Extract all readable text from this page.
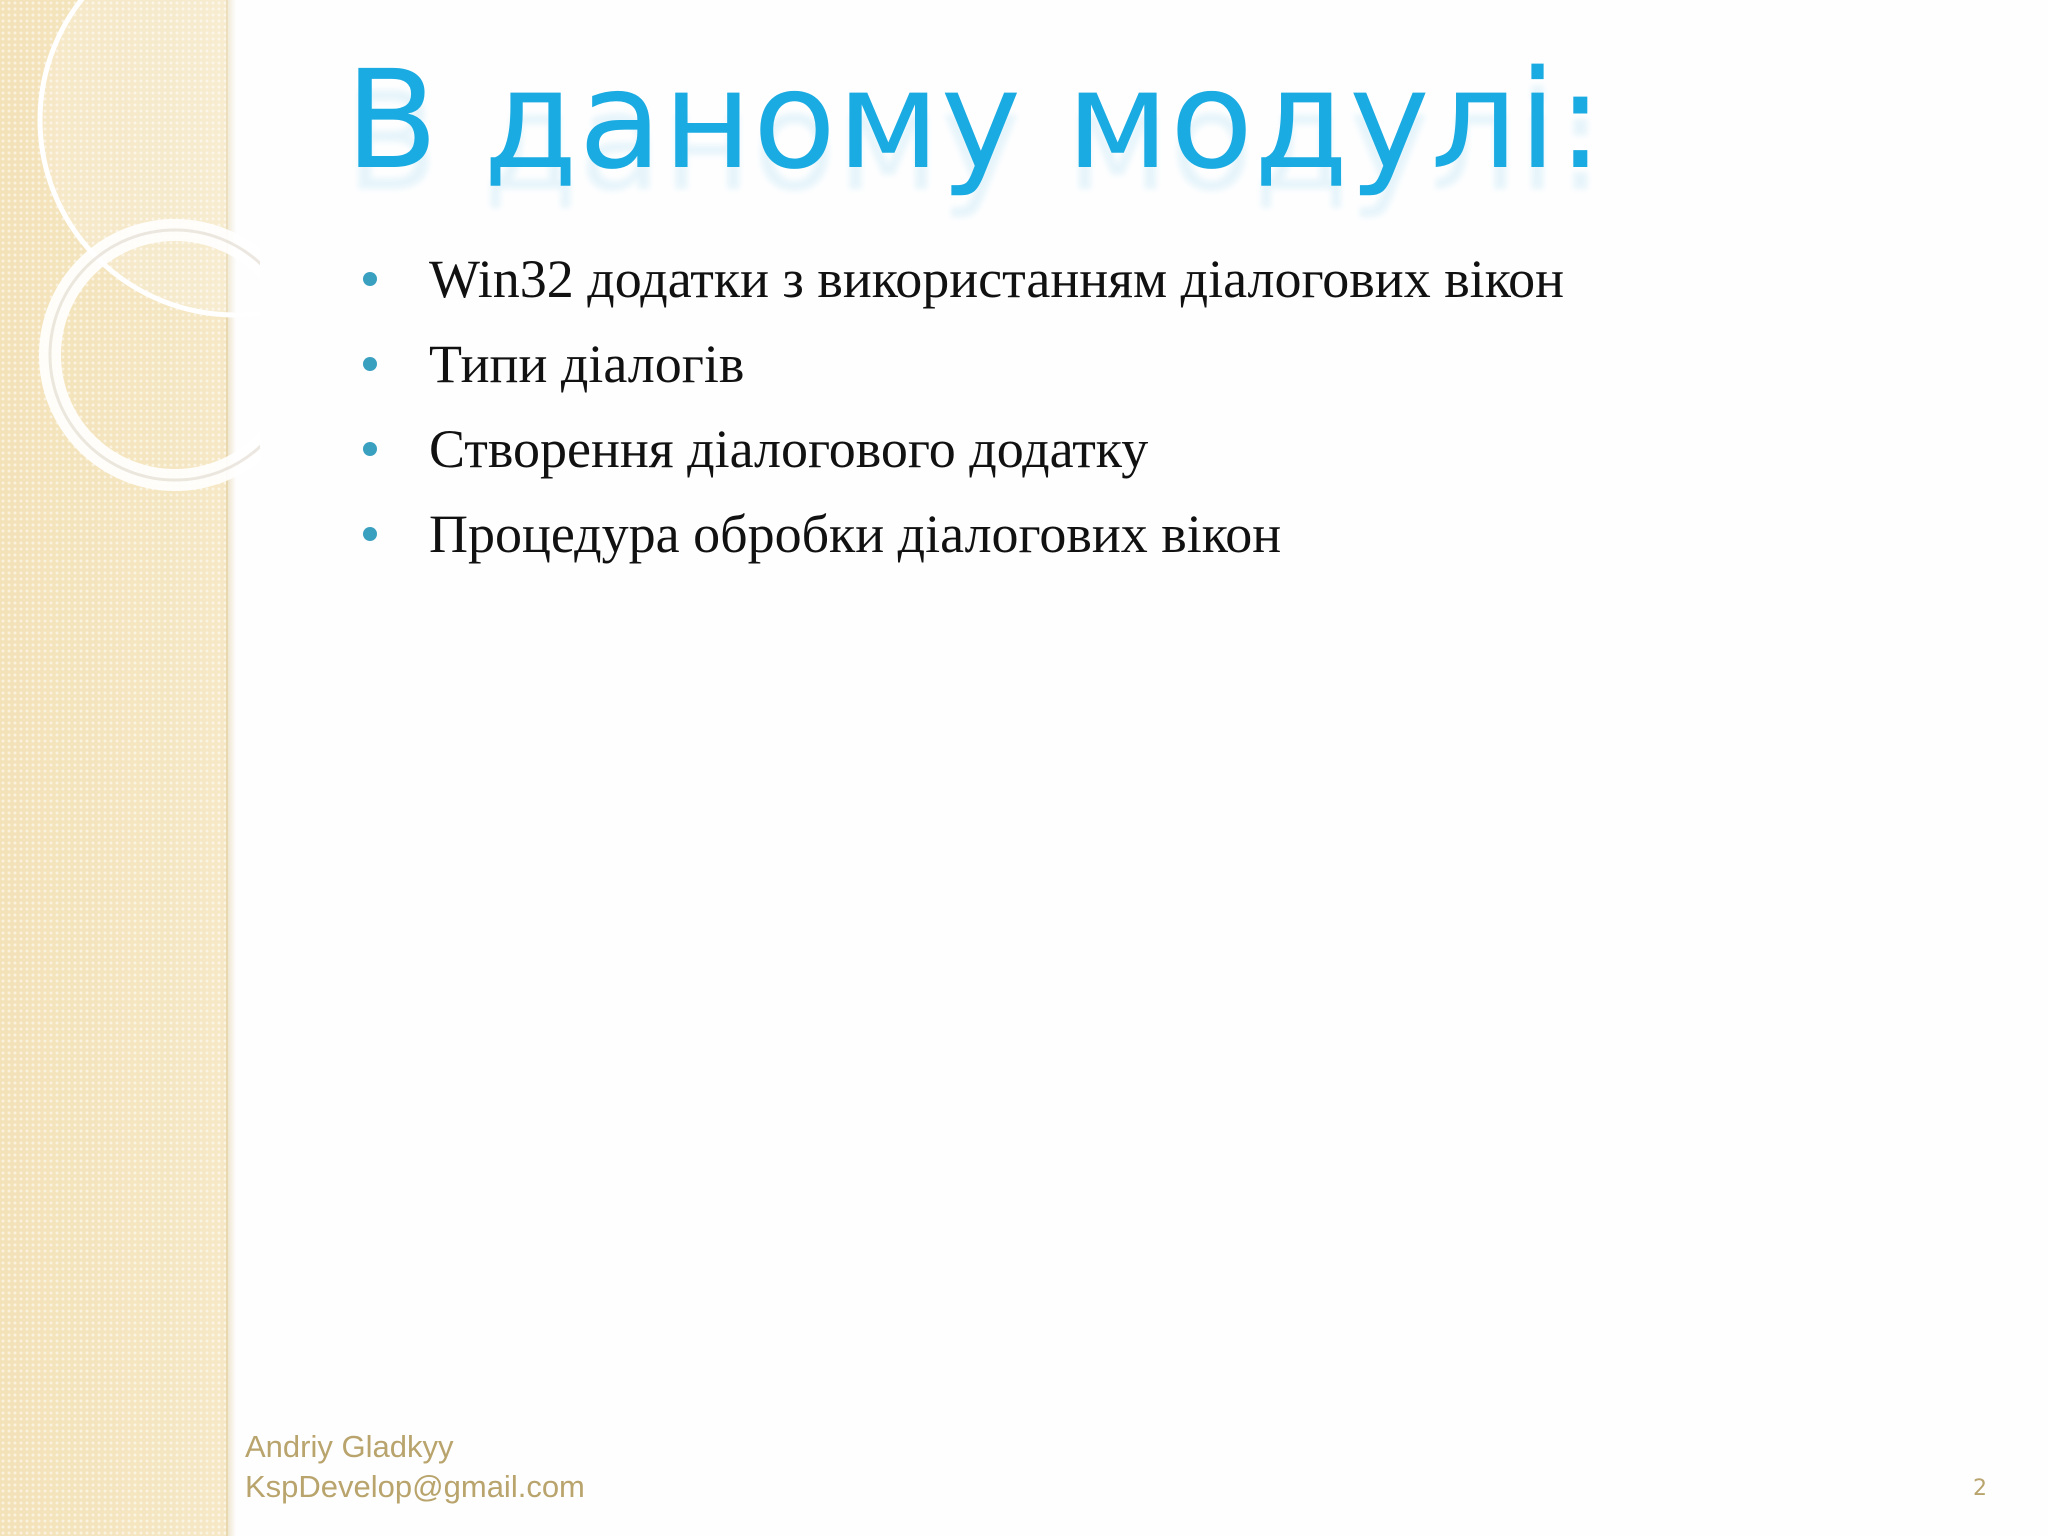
В даному модулі:
Win32 додатки з використанням діалогових вікон
Типи діалогів
Створення діалогового додатку
Процедура обробки діалогових вікон
Andriy Gladkyy
KspDevelop@gmail.com	2
